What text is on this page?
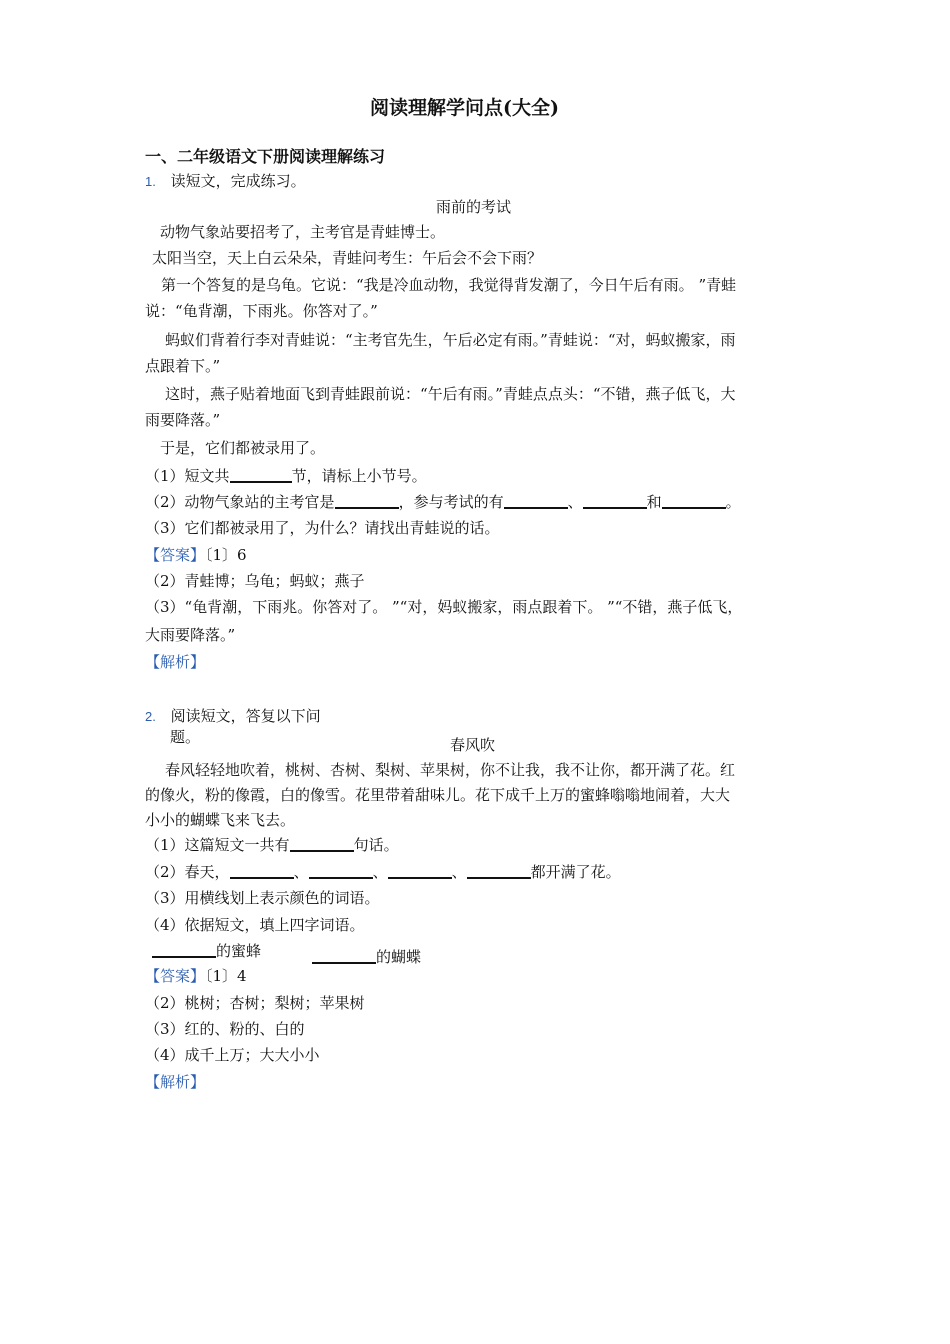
阅读理解学问点(大全)
一、二年级语文下册阅读理解练习
1. 读短文，完成练习。
雨前的考试
动物气象站要招考了，主考官是青蛙博士。
太阳当空，天上白云朵朵，青蛙问考生：午后会不会下雨？
第一个答复的是乌龟。它说：“我是冷血动物，我觉得背发潮了，今日午后有雨。 ”青蛙
说：“龟背潮，下雨兆。你答对了。”
蚂蚁们背着行李对青蛙说：“主考官先生，午后必定有雨。”青蛙说：“对，蚂蚁搬家，雨
点跟着下。”
这时，燕子贴着地面飞到青蛙跟前说：“午后有雨。”青蛙点点头：“不错，燕子低飞，大
雨要降落。”
于是，它们都被录用了。
（1）短文共	节，请标上小节号。
（2）动物气象站的主考官是	，参与考试的有	、	和	。
（3）它们都被录用了，为什么？请找出青蛙说的话。
【答案】〔1〕6
（2）青蛙博；乌龟；蚂蚁；燕子
（3）“龟背潮，下雨兆。你答对了。 ”“对，妈蚁搬家，雨点跟着下。 ”“不错，燕子低飞，
大雨要降落。”
【解析】
2. 阅读短文，答复以下问
题。	春风吹
春风轻轻地吹着，桃树、杏树、梨树、苹果树，你不让我，我不让你，都开满了花。红
的像火，粉的像霞，白的像雪。花里带着甜味儿。花下成千上万的蜜蜂嗡嗡地闹着，大大
小小的蝴蝶飞来飞去。
（1）这篇短文一共有	句话。
（2）春天，	、	、	、	都开满了花。
（3）用横线划上表示颜色的词语。
（4）依据短文，填上四字词语。
的蜜蜂	的蝴蝶
【答案】〔1〕4
（2）桃树；杏树；梨树；苹果树
（3）红的、粉的、白的
（4）成千上万；大大小小
【解析】
